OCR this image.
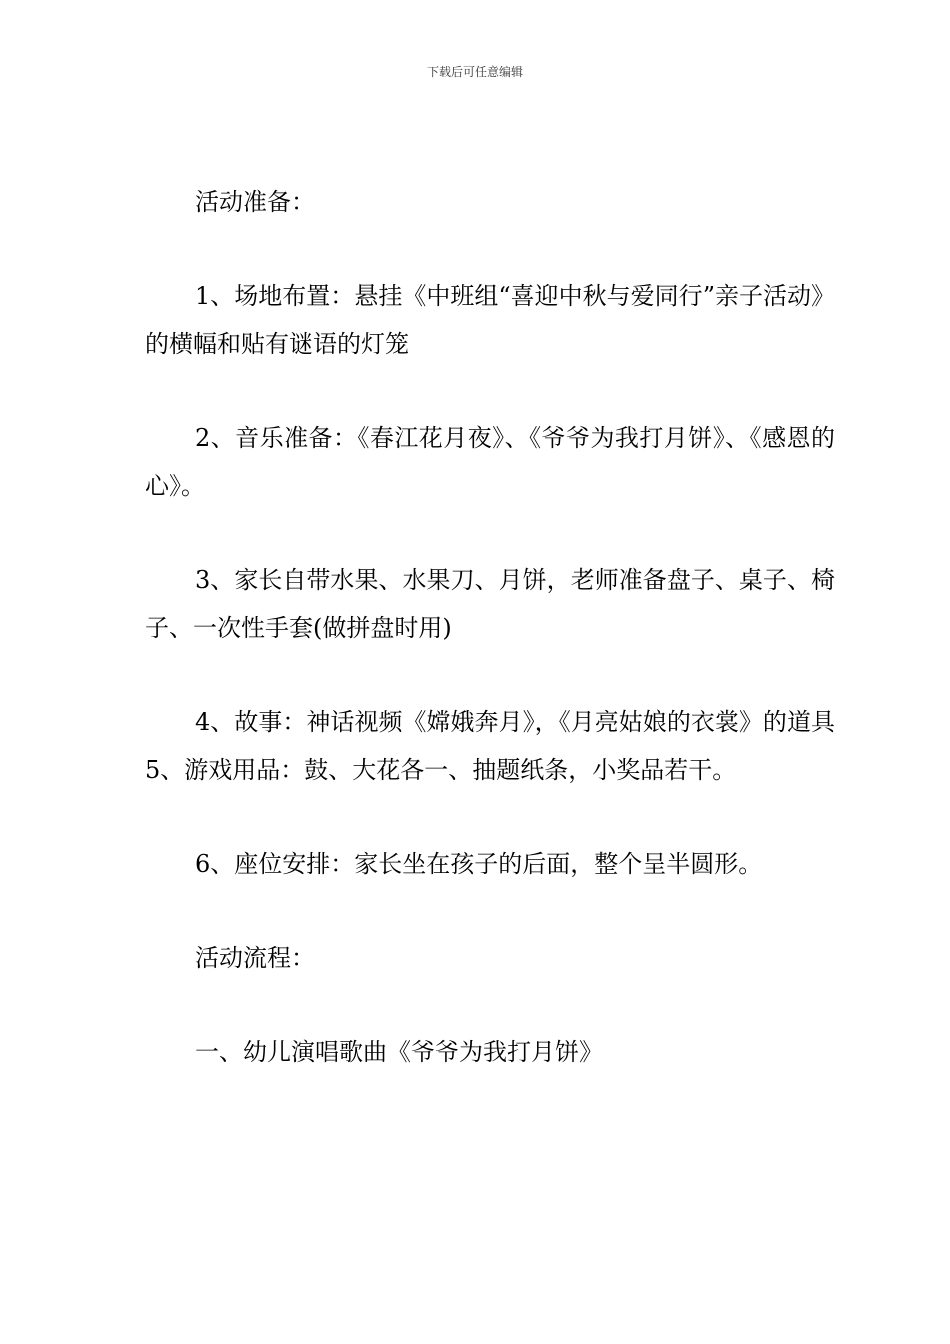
下载后可任意编辑

活动准备：

1、场地布置：悬挂《中班组“喜迎中秋与爱同行”亲子活动》的横幅和贴有谜语的灯笼

2、音乐准备：《春江花月夜》、《爷爷为我打月饼》、《感恩的心》。

3、家长自带水果、水果刀、月饼，老师准备盘子、桌子、椅子、一次性手套(做拼盘时用)

4、故事：神话视频《嫦娥奔月》，《月亮姑娘的衣裳》的道具5、游戏用品：鼓、大花各一、抽题纸条，小奖品若干。

6、座位安排：家长坐在孩子的后面，整个呈半圆形。

活动流程：

一、幼儿演唱歌曲《爷爷为我打月饼》
